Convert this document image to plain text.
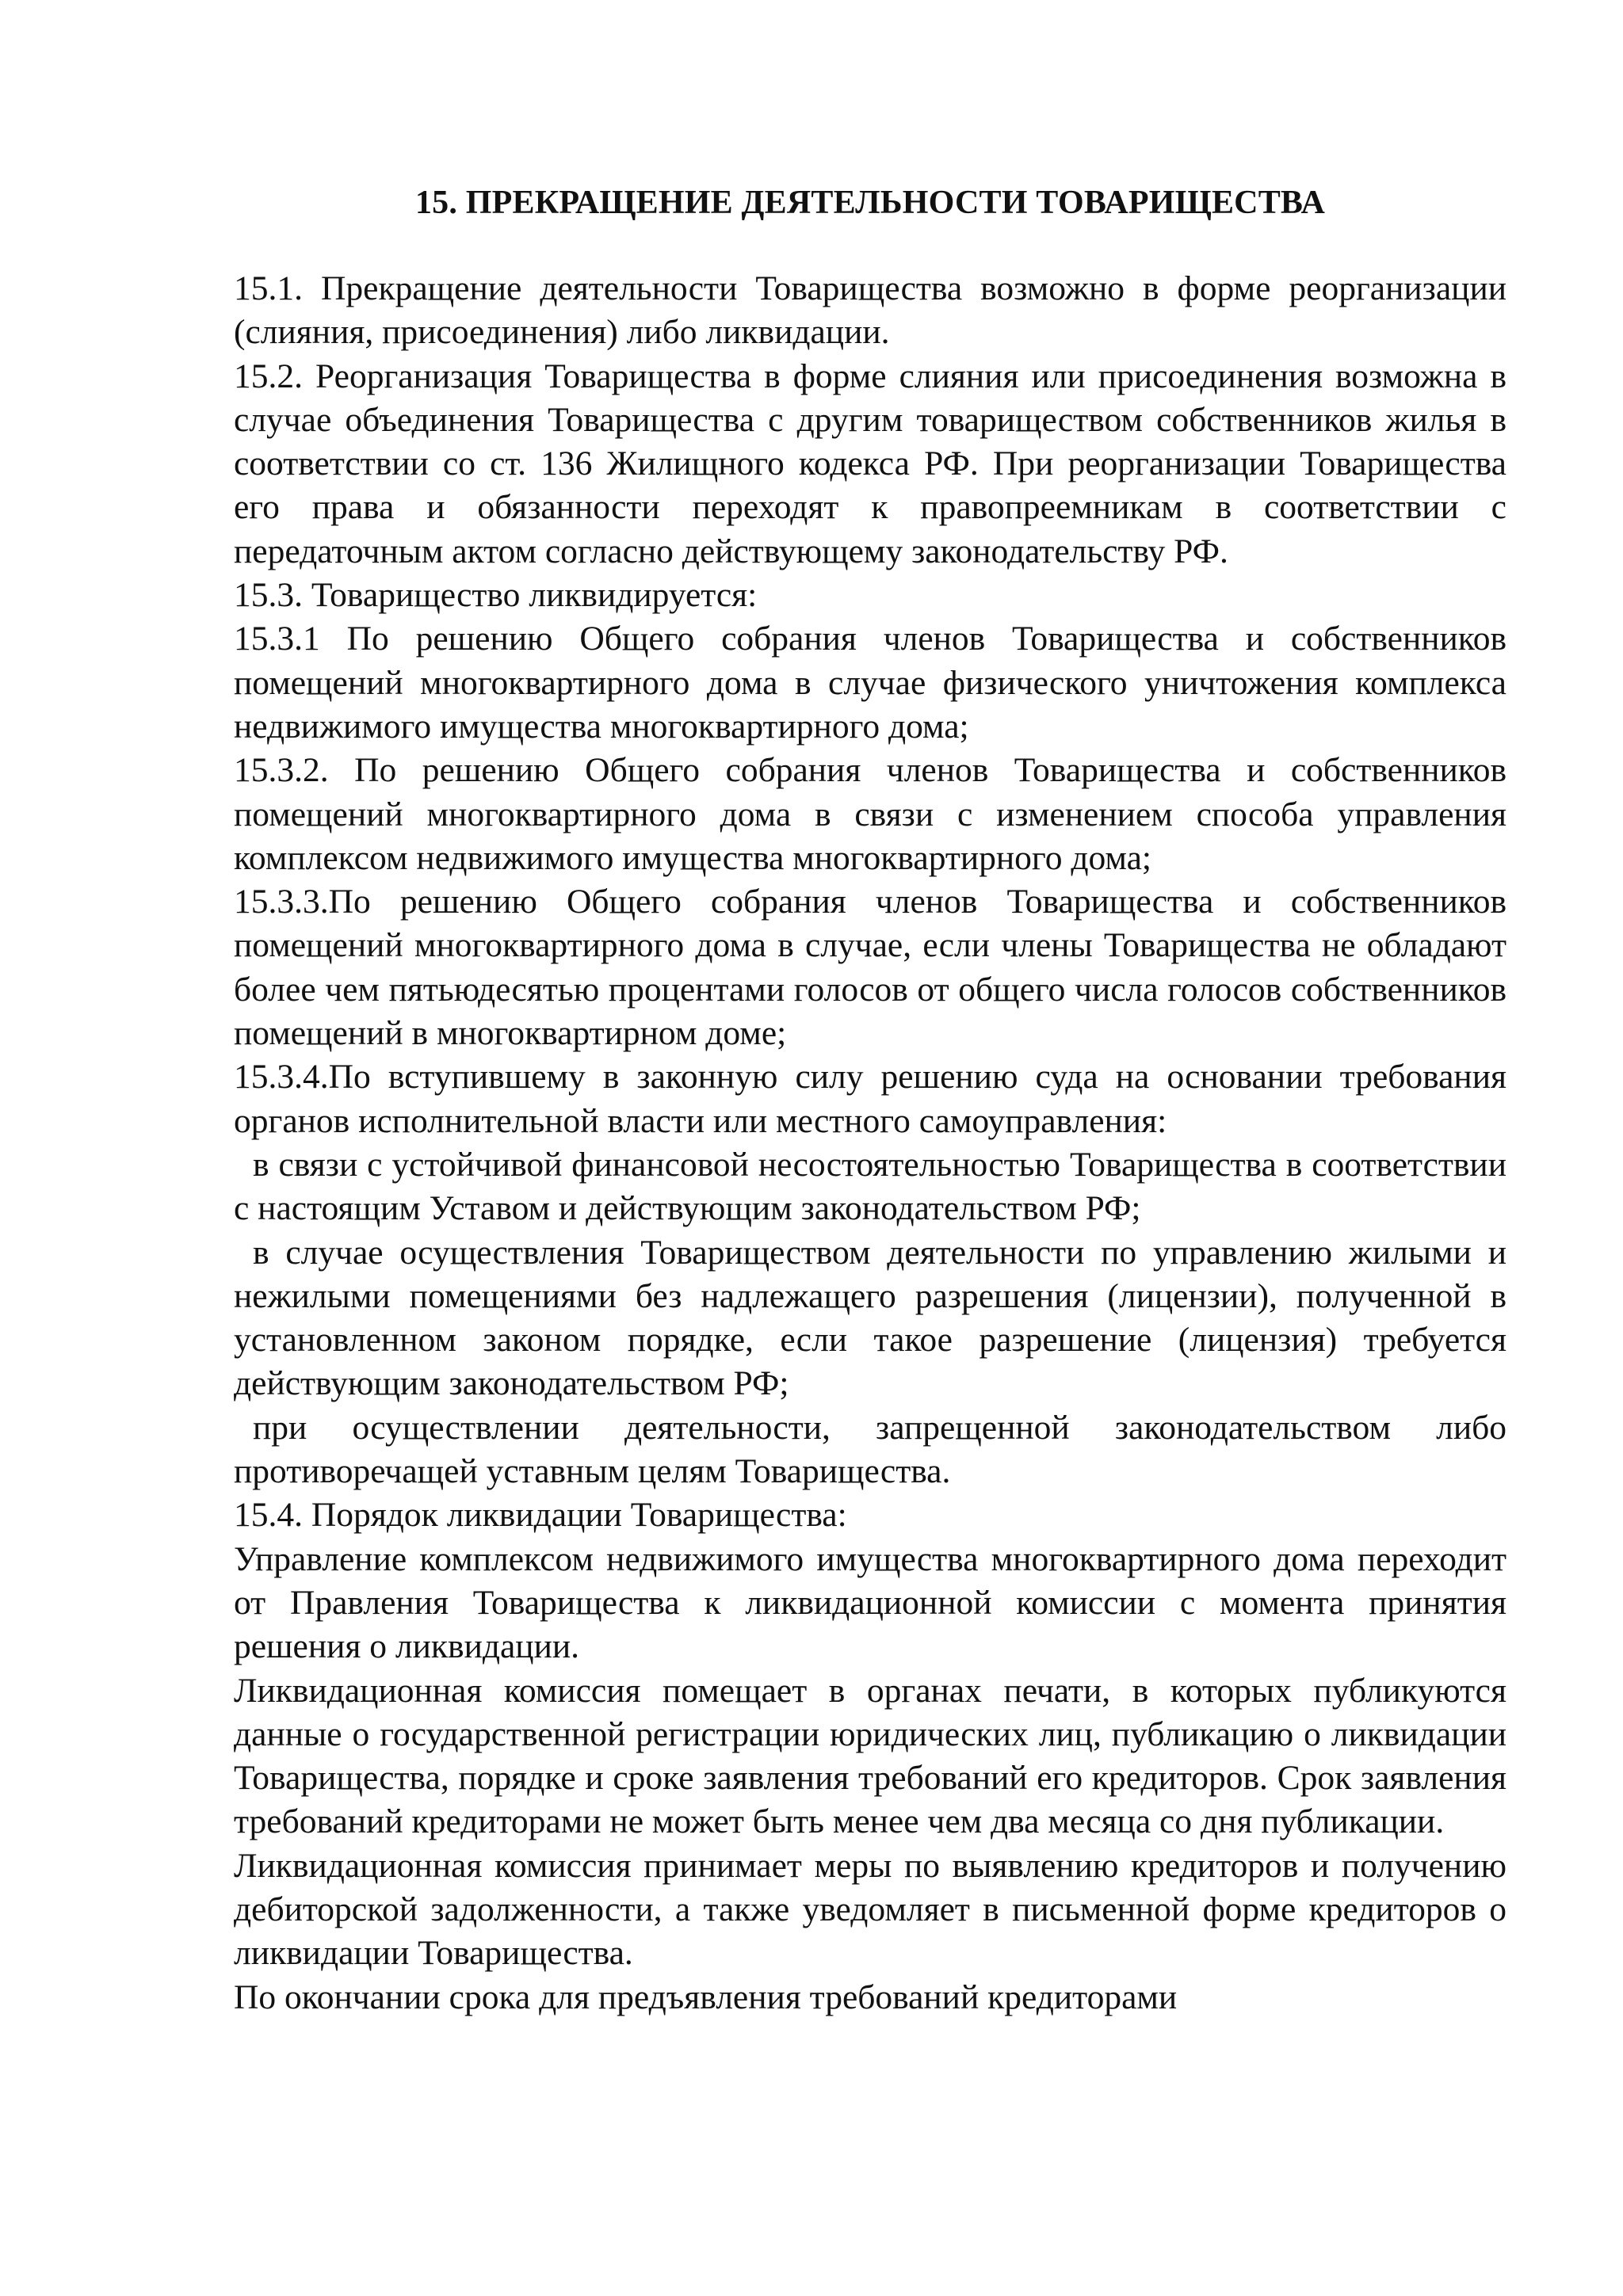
15. ПРЕКРАЩЕНИЕ ДЕЯТЕЛЬНОСТИ ТОВАРИЩЕСТВА

15.1. Прекращение деятельности Товарищества возможно в форме реорганизации (слияния, присоединения) либо ликвидации.

15.2. Реорганизация Товарищества в форме слияния или присоединения возможна в случае объединения Товарищества с другим товариществом собственников жилья в соответствии со ст. 136 Жилищного кодекса РФ. При реорганизации Товарищества его права и обязанности переходят к правопреемникам в соответствии с передаточным актом согласно действующему законодательству РФ.

15.3. Товарищество ликвидируется:

15.3.1 По решению Общего собрания членов Товарищества и собственников помещений многоквартирного дома в случае физического уничтожения комплекса недвижимого имущества многоквартирного дома;

15.3.2. По решению Общего собрания членов Товарищества и собственников помещений многоквартирного дома в связи с изменением способа управления комплексом недвижимого имущества многоквартирного дома;

15.3.3.По решению Общего собрания членов Товарищества и собственников помещений многоквартирного дома в случае, если члены Товарищества не обладают более чем пятьюдесятью процентами голосов от общего числа голосов собственников помещений в многоквартирном доме;

15.3.4.По вступившему в законную силу решению суда на основании требования органов исполнительной власти или местного самоуправления:

в связи с устойчивой финансовой несостоятельностью Товарищества в соответствии с настоящим Уставом и действующим законодательством РФ;

в случае осуществления Товариществом деятельности по управлению жилыми и нежилыми помещениями без надлежащего разрешения (лицензии), полученной в установленном законом порядке, если такое разрешение (лицензия) требуется действующим законодательством РФ;

при осуществлении деятельности, запрещенной законодательством либо противоречащей уставным целям Товарищества.

15.4. Порядок ликвидации Товарищества:

Управление комплексом недвижимого имущества многоквартирного дома переходит от Правления Товарищества к ликвидационной комиссии с момента принятия решения о ликвидации.

Ликвидационная комиссия помещает в органах печати, в которых публикуются данные о государственной регистрации юридических лиц, публикацию о ликвидации Товарищества, порядке и сроке заявления требований его кредиторов. Срок заявления требований кредиторами не может быть менее чем два месяца со дня публикации.

Ликвидационная комиссия принимает меры по выявлению кредиторов и получению дебиторской задолженности, а также уведомляет в письменной форме кредиторов о ликвидации Товарищества.

По окончании срока для предъявления требований кредиторами
